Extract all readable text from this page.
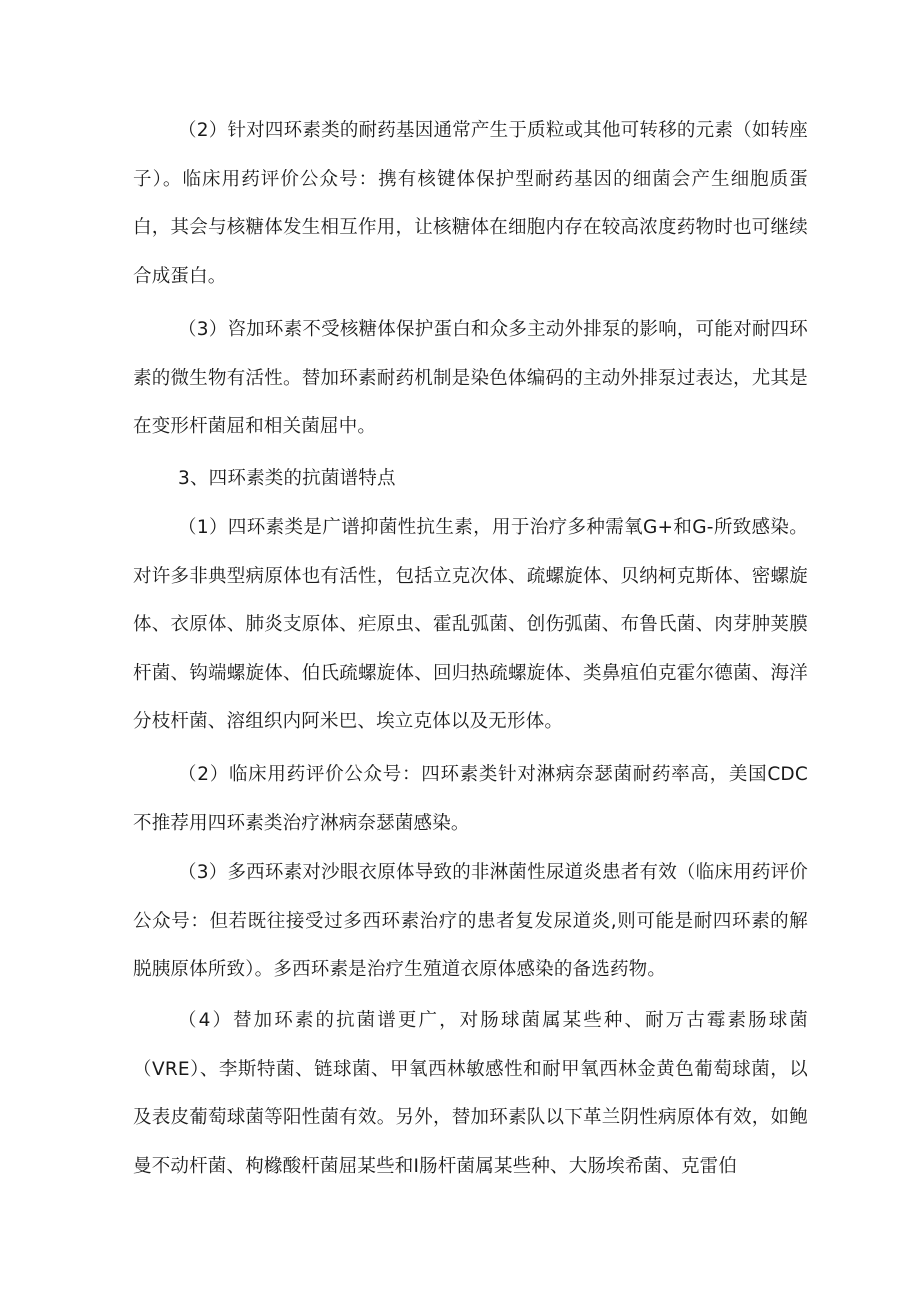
（2）针对四环素类的耐药基因通常产生于质粒或其他可转移的元素（如转座子）。临床用药评价公众号：携有核键体保护型耐药基因的细菌会产生细胞质蛋白，其会与核糖体发生相互作用，让核糖体在细胞内存在较高浓度药物时也可继续合成蛋白。

（3）咨加环素不受核糖体保护蛋白和众多主动外排泵的影响，可能对耐四环素的微生物有活性。替加环素耐药机制是染色体编码的主动外排泵过表达，尤其是在变形杆菌屈和相关菌屈中。

3、四环素类的抗菌谱特点

（1）四环素类是广谱抑菌性抗生素，用于治疗多种需氧G+和G-所致感染。对许多非典型病原体也有活性，包括立克次体、疏螺旋体、贝纳柯克斯体、密螺旋体、衣原体、肺炎支原体、疟原虫、霍乱弧菌、创伤弧菌、布鲁氏菌、肉芽肿荚膜杆菌、钩端螺旋体、伯氏疏螺旋体、回归热疏螺旋体、类鼻疽伯克霍尔德菌、海洋分枝杆菌、溶组织内阿米巴、埃立克体以及无形体。

（2）临床用药评价公众号：四环素类针对淋病奈瑟菌耐药率高，美国CDC不推荐用四环素类治疗淋病奈瑟菌感染。

（3）多西环素对沙眼衣原体导致的非淋菌性尿道炎患者有效（临床用药评价公众号：但若既往接受过多西环素治疗的患者复发尿道炎,则可能是耐四环素的解脱胰原体所致）。多西环素是治疗生殖道衣原体感染的备选药物。

（4）替加环素的抗菌谱更广，对肠球菌属某些种、耐万古霉素肠球菌（VRE）、李斯特菌、链球菌、甲氧西林敏感性和耐甲氧西林金黄色葡萄球菌，以及表皮葡萄球菌等阳性菌有效。另外，替加环素队以下革兰阴性病原体有效，如鲍曼不动杆菌、枸橼酸杆菌屈某些和I肠杆菌属某些种、大肠埃希菌、克雷伯
